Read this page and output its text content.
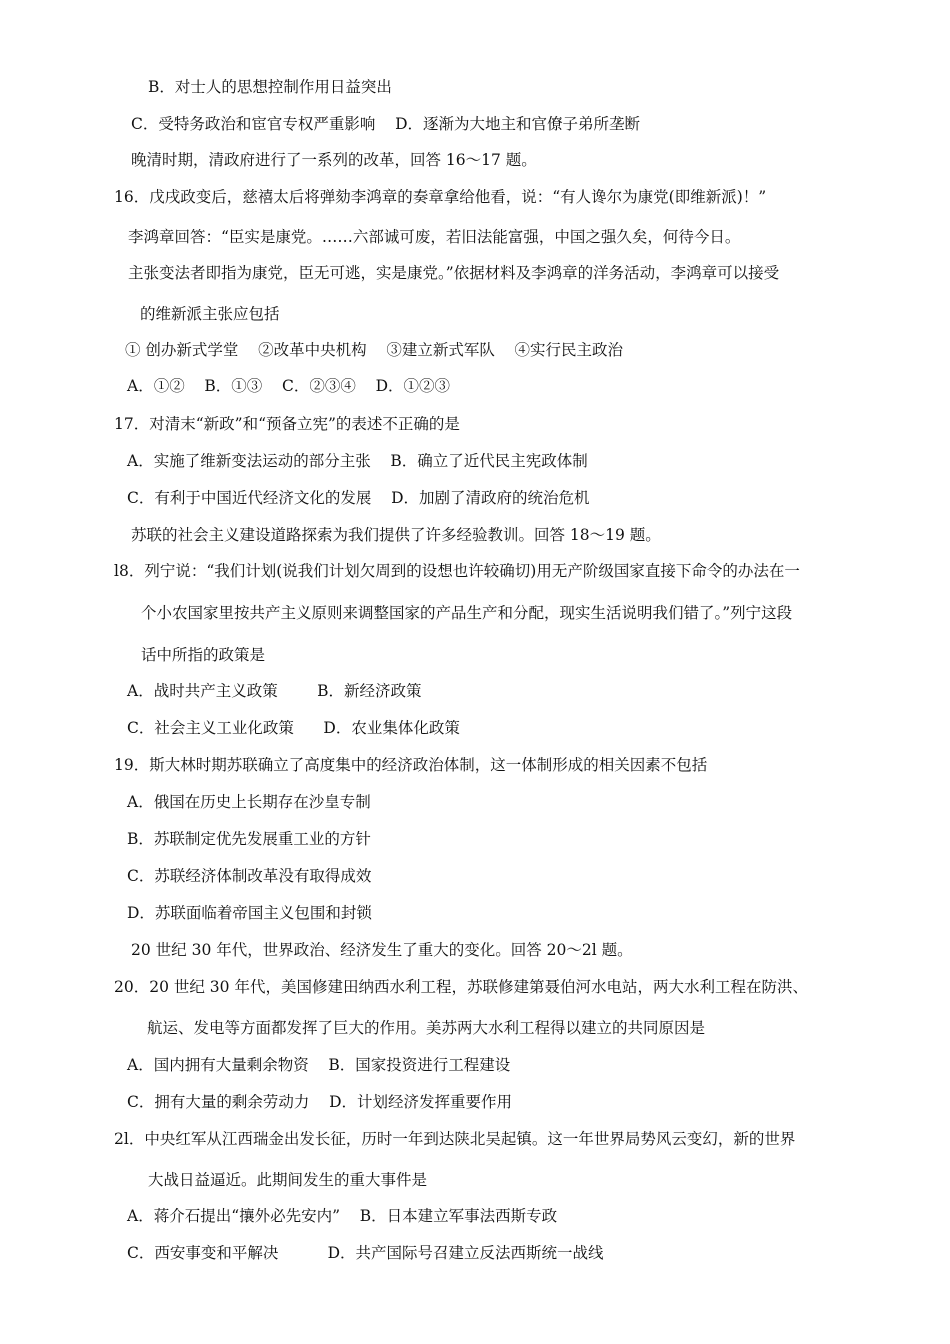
B．对士人的思想控制作用日益突出
C．受特务政治和宦官专权严重影响    D．逐渐为大地主和官僚子弟所垄断
晚清时期，清政府进行了一系列的改革，回答 16～17 题。
16．戊戌政变后，慈禧太后将弹劾李鸿章的奏章拿给他看，说：“有人谗尔为康党(即维新派)！”
李鸿章回答：“臣实是康党。……六部诚可废，若旧法能富强，中国之强久矣，何待今日。
主张变法者即指为康党，臣无可逃，实是康党。”依据材料及李鸿章的洋务活动，李鸿章可以接受
的维新派主张应包括
① 创办新式学堂    ②改革中央机构    ③建立新式军队    ④实行民主政治
A．①②    B．①③    C．②③④    D．①②③
17．对清末“新政”和“预备立宪”的表述不正确的是
A．实施了维新变法运动的部分主张    B．确立了近代民主宪政体制
C．有利于中国近代经济文化的发展    D．加剧了清政府的统治危机
苏联的社会主义建设道路探索为我们提供了许多经验教训。回答 18～19 题。
l8．列宁说：“我们计划(说我们计划欠周到的设想也许较确切)用无产阶级国家直接下命令的办法在一
个小农国家里按共产主义原则来调整国家的产品生产和分配，现实生活说明我们错了。”列宁这段
话中所指的政策是
A．战时共产主义政策        B．新经济政策
C．社会主义工业化政策      D．农业集体化政策
19．斯大林时期苏联确立了高度集中的经济政治体制，这一体制形成的相关因素不包括
A．俄国在历史上长期存在沙皇专制
B．苏联制定优先发展重工业的方针
C．苏联经济体制改革没有取得成效
D．苏联面临着帝国主义包围和封锁
20 世纪 30 年代，世界政治、经济发生了重大的变化。回答 20～2l 题。
20．20 世纪 30 年代，美国修建田纳西水利工程，苏联修建第聂伯河水电站，两大水利工程在防洪、
航运、发电等方面都发挥了巨大的作用。美苏两大水利工程得以建立的共同原因是
A．国内拥有大量剩余物资    B．国家投资进行工程建设
C．拥有大量的剩余劳动力    D．计划经济发挥重要作用
2l．中央红军从江西瑞金出发长征，历时一年到达陕北吴起镇。这一年世界局势风云变幻，新的世界
大战日益逼近。此期间发生的重大事件是
A．蒋介石提出“攘外必先安内”    B．日本建立军事法西斯专政
C．西安事变和平解决          D．共产国际号召建立反法西斯统一战线
